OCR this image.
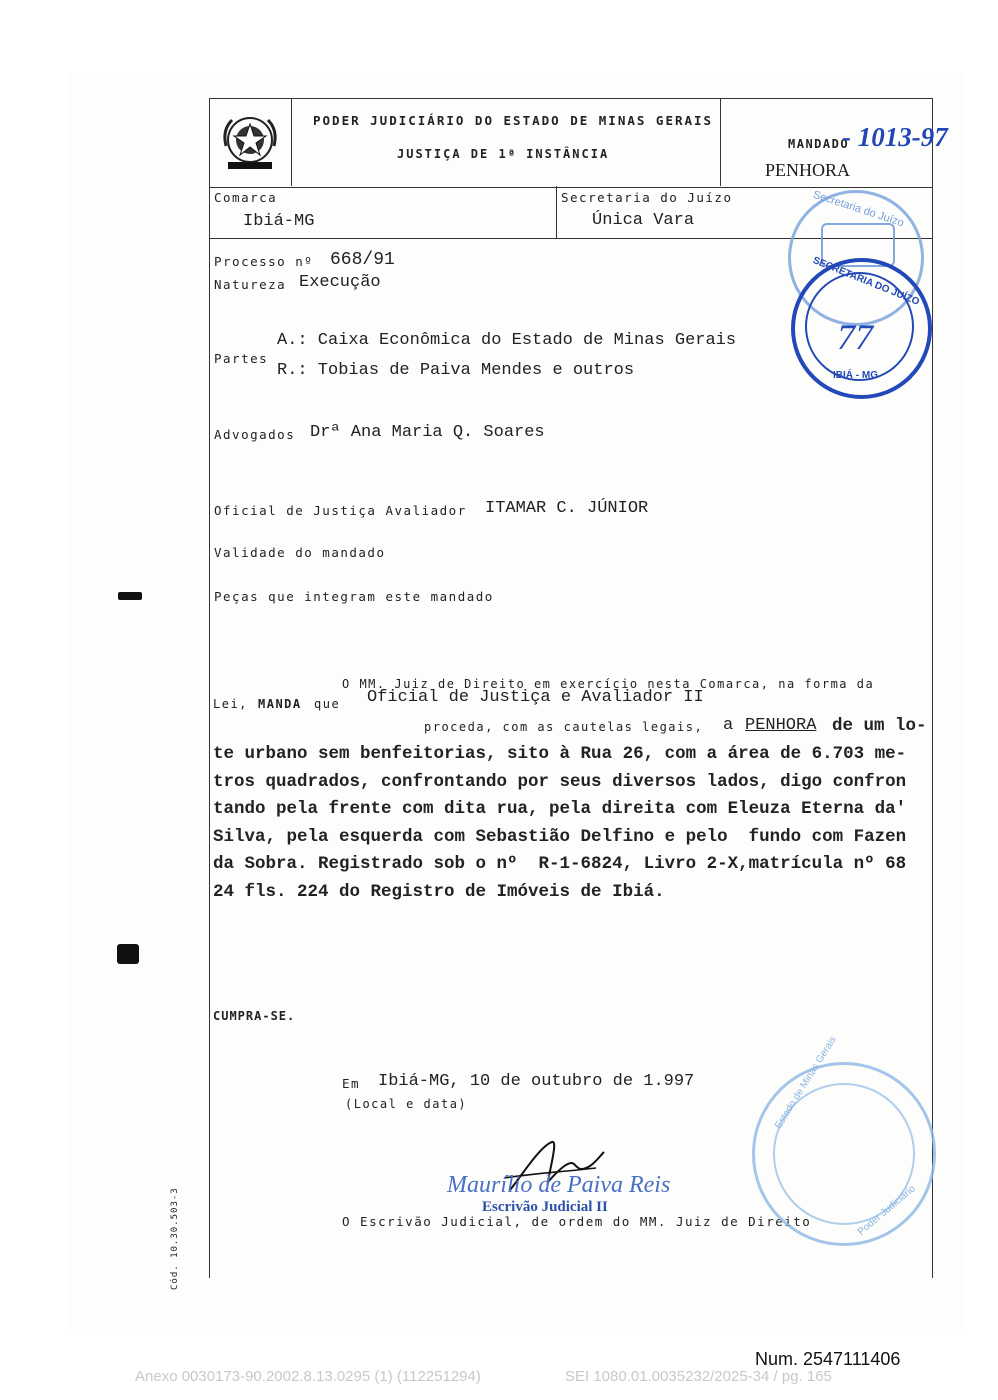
PODER JUDICIÁRIO DO ESTADO DE MINAS GERAIS
JUSTIÇA DE 1ª INSTÂNCIA
MANDADO
- 1013-97
PENHORA
Comarca
Ibiá-MG
Secretaria do Juízo
Única Vara
Processo nº 668/91
Natureza Execução
Partes
A.: Caixa Econômica do Estado de Minas Gerais
R.: Tobias de Paiva Mendes e outros
Advogados Drª Ana Maria Q. Soares
Oficial de Justiça Avaliador ITAMAR C. JÚNIOR
Validade do mandado
Peças que integram este mandado
O MM. Juiz de Direito em exercício nesta Comarca, na forma da
Lei, MANDA que Oficial de Justiça e Avaliador II
proceda, com as cautelas legais, a PENHORA de um lo-
te urbano sem benfeitorias, sito à Rua 26, com a área de 6.703 me-
tros quadrados, confrontando por seus diversos lados, digo confron
tando pela frente com dita rua, pela direita com Eleuza Eterna da'
Silva, pela esquerda com Sebastião Delfino e pelo  fundo com Fazen
da Sobra. Registrado sob o nº  R-1-6824, Livro 2-X,matrícula nº 68
24 fls. 224 do Registro de Imóveis de Ibiá.
CUMPRA-SE.
Em Ibiá-MG, 10 de outubro de 1.997
(Local e data)
Maurílio de Paiva Reis
Escrivão Judicial II
O Escrivão Judicial, de ordem do MM. Juiz de Direito
Cód. 10.30.503-3
Secretaria do Juízo
SECRETARIA DO JUÍZO
IBIÁ - MG
77
Estado de Minas Gerais
Poder Judiciário
Num. 2547111406
Anexo 0030173-90.2002.8.13.0295 (1) (112251294)	SEI 1080.01.0035232/2025-34 / pg. 165
